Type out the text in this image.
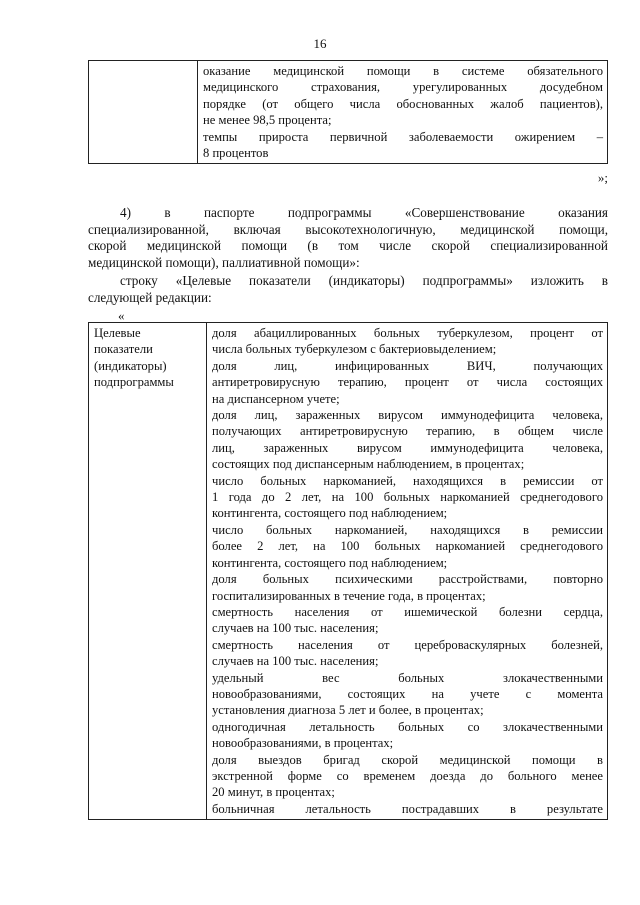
16

оказание медицинской помощи в системе обязательного
медицинского страхования, урегулированных досудебном
порядке (от общего числа обоснованных жалоб пациентов),
не менее 98,5 процента;
темпы прироста первичной заболеваемости ожирением –
8 процентов
»;
4) в паспорте подпрограммы «Совершенствование оказания
специализированной, включая высокотехнологичную, медицинской помощи,
скорой медицинской помощи (в том числе скорой специализированной
медицинской помощи), паллиативной помощи»:
строку «Целевые показатели (индикаторы) подпрограммы» изложить в
следующей редакции:
«
Целевые
показатели
(индикаторы)
подпрограммы

доля абациллированных больных туберкулезом, процент от
числа больных туберкулезом с бактериовыделением;
доля лиц, инфицированных ВИЧ, получающих
антиретровирусную терапию, процент от числа состоящих
на диспансерном учете;
доля лиц, зараженных вирусом иммунодефицита человека,
получающих антиретровирусную терапию, в общем числе
лиц, зараженных вирусом иммунодефицита человека,
состоящих под диспансерным наблюдением, в процентах;
число больных наркоманией, находящихся в ремиссии от
1 года до 2 лет, на 100 больных наркоманией среднегодового
контингента, состоящего под наблюдением;
число больных наркоманией, находящихся в ремиссии
более 2 лет, на 100 больных наркоманией среднегодового
контингента, состоящего под наблюдением;
доля больных психическими расстройствами, повторно
госпитализированных в течение года, в процентах;
смертность населения от ишемической болезни сердца,
случаев на 100 тыс. населения;
смертность населения от цереброваскулярных болезней,
случаев на 100 тыс. населения;
удельный вес больных злокачественными
новообразованиями, состоящих на учете с момента
установления диагноза 5 лет и более, в процентах;
одногодичная летальность больных со злокачественными
новообразованиями, в процентах;
доля выездов бригад скорой медицинской помощи в
экстренной форме со временем доезда до больного менее
20 минут, в процентах;
больничная летальность пострадавших в результате
